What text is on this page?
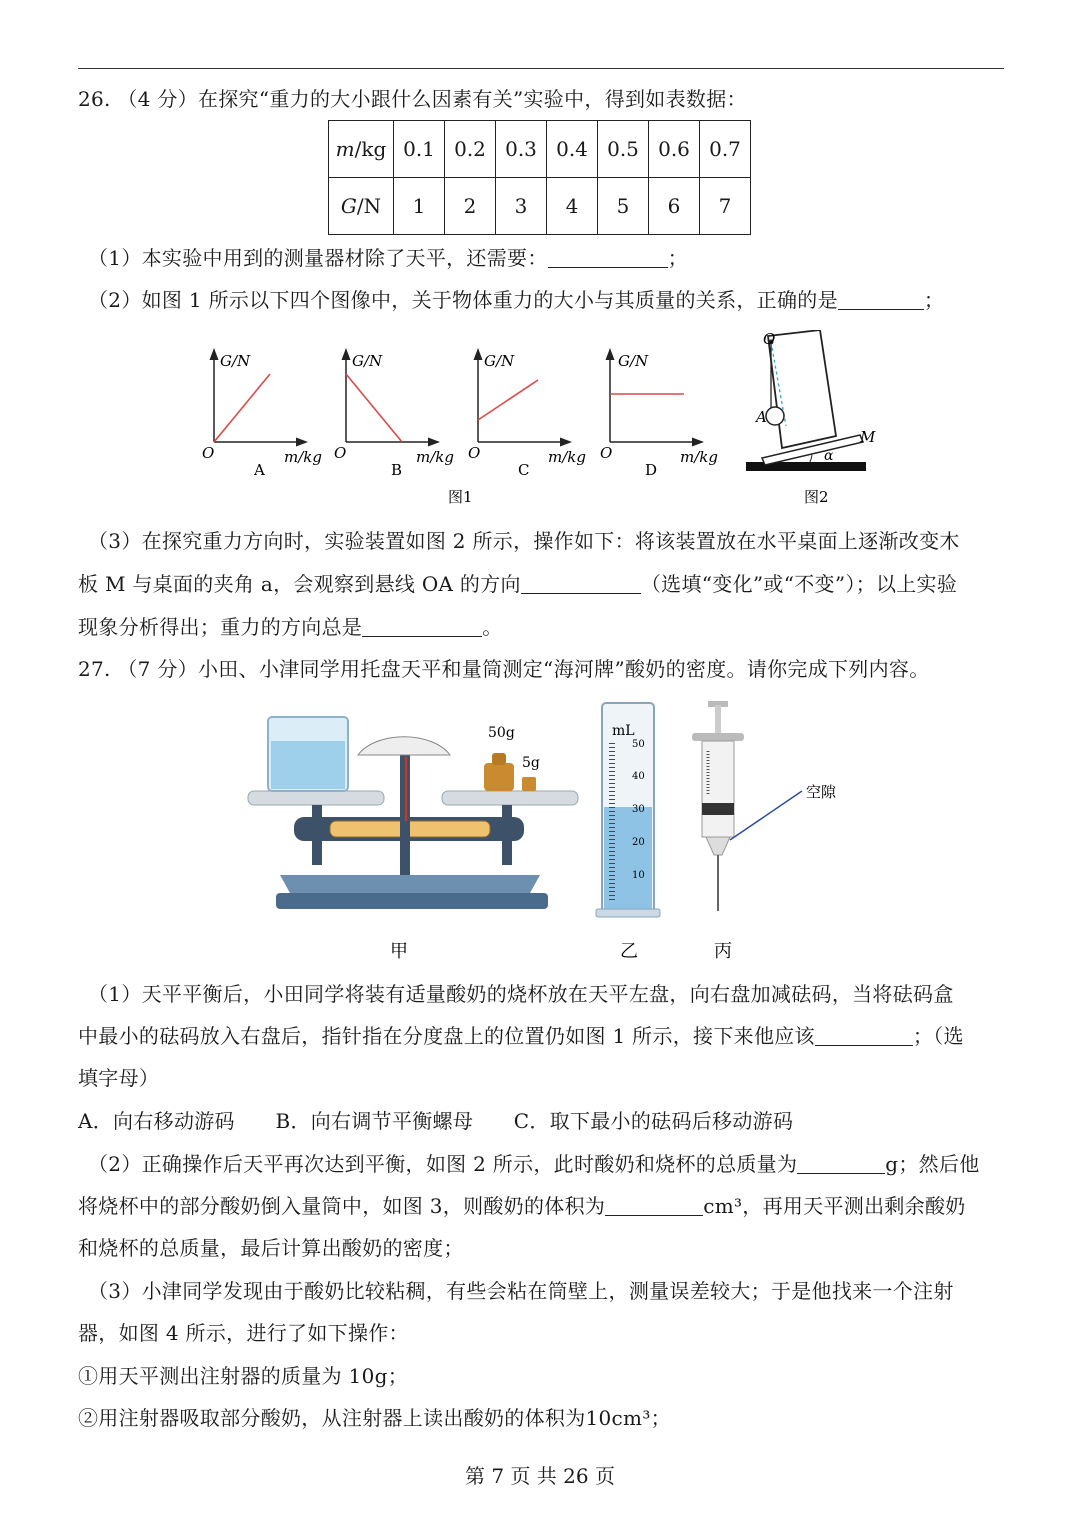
26. （4 分）在探究“重力的大小跟什么因素有关”实验中，得到如表数据：
m/kg	0.1	0.2	0.3	0.4	0.5	0.6	0.7
G/N	1	2	3	4	5	6	7
（1）本实验中用到的测量器材除了天平，还需要：	；
（2）如图 1 所示以下四个图像中，关于物体重力的大小与其质量的关系，正确的是	；
G/N
O	m/kg
A
G/N
O	m/kg
B
G/N
O	m/kg
C
G/N
O	m/kg
D
图1
O
A
M
α
图2
（3）在探究重力方向时，实验装置如图 2 所示，操作如下：将该装置放在水平桌面上逐渐改变木
板 M 与桌面的夹角 a，会观察到悬线 OA 的方向	（选填“变化”或“不变”）；以上实验
现象分析得出；重力的方向总是	。
27. （7 分）小田、小津同学用托盘天平和量筒测定“海河牌”酸奶的密度。请你完成下列内容。
50g
5g
mL
50
40
30
20
10
空隙
甲	乙	丙
（1）天平平衡后，小田同学将装有适量酸奶的烧杯放在天平左盘，向右盘加减砝码，当将砝码盒
中最小的砝码放入右盘后，指针指在分度盘上的位置仍如图 1 所示，接下来他应该	；（选
填字母）
A．向右移动游码　　B．向右调节平衡螺母　　C．取下最小的砝码后移动游码
（2）正确操作后天平再次达到平衡，如图 2 所示，此时酸奶和烧杯的总质量为	g；然后他
将烧杯中的部分酸奶倒入量筒中，如图 3，则酸奶的体积为	cm³，再用天平测出剩余酸奶
和烧杯的总质量，最后计算出酸奶的密度；
（3）小津同学发现由于酸奶比较粘稠，有些会粘在筒壁上，测量误差较大；于是他找来一个注射
器，如图 4 所示，进行了如下操作：
①用天平测出注射器的质量为 10g；
②用注射器吸取部分酸奶，从注射器上读出酸奶的体积为10cm³；
第 7 页 共 26 页
